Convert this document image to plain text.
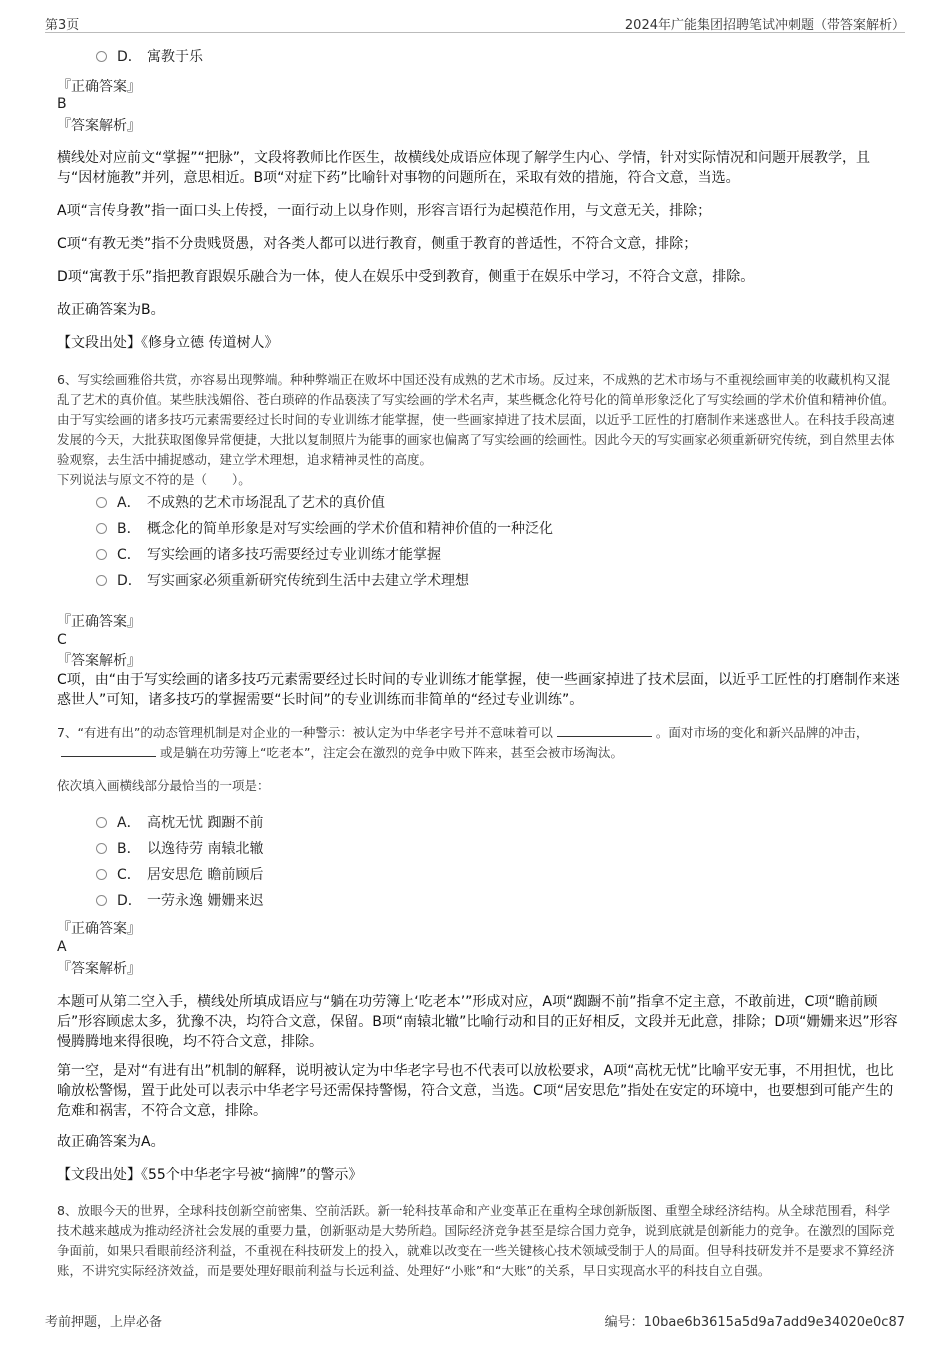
第3页	2024年广能集团招聘笔试冲刺题（带答案解析）
D． 寓教于乐
『正确答案』
B
『答案解析』
横线处对应前文“掌握”“把脉”，文段将教师比作医生，故横线处成语应体现了解学生内心、学情，针对实际情况和问题开展教学，且与“因材施教”并列，意思相近。B项“对症下药”比喻针对事物的问题所在，采取有效的措施，符合文意，当选。
A项“言传身教”指一面口头上传授，一面行动上以身作则，形容言语行为起模范作用，与文意无关，排除；
C项“有教无类”指不分贵贱贤愚，对各类人都可以进行教育，侧重于教育的普适性，不符合文意，排除；
D项“寓教于乐”指把教育跟娱乐融合为一体，使人在娱乐中受到教育，侧重于在娱乐中学习，不符合文意，排除。
故正确答案为B。
【文段出处】《修身立德 传道树人》
6、写实绘画雅俗共赏，亦容易出现弊端。种种弊端正在败坏中国还没有成熟的艺术市场。反过来，不成熟的艺术市场与不重视绘画审美的收藏机构又混乱了艺术的真价值。某些肤浅媚俗、苍白琐碎的作品亵渎了写实绘画的学术名声，某些概念化符号化的简单形象泛化了写实绘画的学术价值和精神价值。由于写实绘画的诸多技巧元素需要经过长时间的专业训练才能掌握，使一些画家掉进了技术层面，以近乎工匠性的打磨制作来迷惑世人。在科技手段高速发展的今天，大批获取图像异常便捷，大批以复制照片为能事的画家也偏离了写实绘画的绘画性。因此今天的写实画家必须重新研究传统，到自然里去体验观察，去生活中捕捉感动，建立学术理想，追求精神灵性的高度。
下列说法与原文不符的是（　　）。
A． 不成熟的艺术市场混乱了艺术的真价值
B． 概念化的简单形象是对写实绘画的学术价值和精神价值的一种泛化
C． 写实绘画的诸多技巧需要经过专业训练才能掌握
D． 写实画家必须重新研究传统到生活中去建立学术理想
『正确答案』
C
『答案解析』
C项，由“由于写实绘画的诸多技巧元素需要经过长时间的专业训练才能掌握，使一些画家掉进了技术层面，以近乎工匠性的打磨制作来迷惑世人”可知，诸多技巧的掌握需要“长时间”的专业训练而非简单的“经过专业训练”。
7、“有进有出”的动态管理机制是对企业的一种警示：被认定为中华老字号并不意味着可以	。面对市场的变化和新兴品牌的冲击，或是躺在功劳簿上“吃老本”，注定会在激烈的竞争中败下阵来，甚至会被市场淘汰。
依次填入画横线部分最恰当的一项是：
A． 高枕无忧 踟蹰不前
B． 以逸待劳 南辕北辙
C． 居安思危 瞻前顾后
D． 一劳永逸 姗姗来迟
『正确答案』
A
『答案解析』
本题可从第二空入手，横线处所填成语应与“躺在功劳簿上‘吃老本’”形成对应，A项“踟蹰不前”指拿不定主意，不敢前进，C项“瞻前顾后”形容顾虑太多，犹豫不决，均符合文意，保留。B项“南辕北辙”比喻行动和目的正好相反，文段并无此意，排除；D项“姗姗来迟”形容慢腾腾地来得很晚，均不符合文意，排除。
第一空，是对“有进有出”机制的解释，说明被认定为中华老字号也不代表可以放松要求，A项“高枕无忧”比喻平安无事，不用担忧，也比喻放松警惕，置于此处可以表示中华老字号还需保持警惕，符合文意，当选。C项“居安思危”指处在安定的环境中，也要想到可能产生的危难和祸害，不符合文意，排除。
故正确答案为A。
【文段出处】《55个中华老字号被“摘牌”的警示》
8、放眼今天的世界，全球科技创新空前密集、空前活跃。新一轮科技革命和产业变革正在重构全球创新版图、重塑全球经济结构。从全球范围看，科学技术越来越成为推动经济社会发展的重要力量，创新驱动是大势所趋。国际经济竞争甚至是综合国力竞争，说到底就是创新能力的竞争。在激烈的国际竞争面前，如果只看眼前经济利益，不重视在科技研发上的投入，就难以改变在一些关键核心技术领域受制于人的局面。但导科技研发并不是要求不算经济账，不讲究实际经济效益，而是要处理好眼前利益与长远利益、处理好“小账”和“大账”的关系，早日实现高水平的科技自立自强。
考前押题，上岸必备	编号：10bae6b3615a5d9a7add9e34020e0c87
